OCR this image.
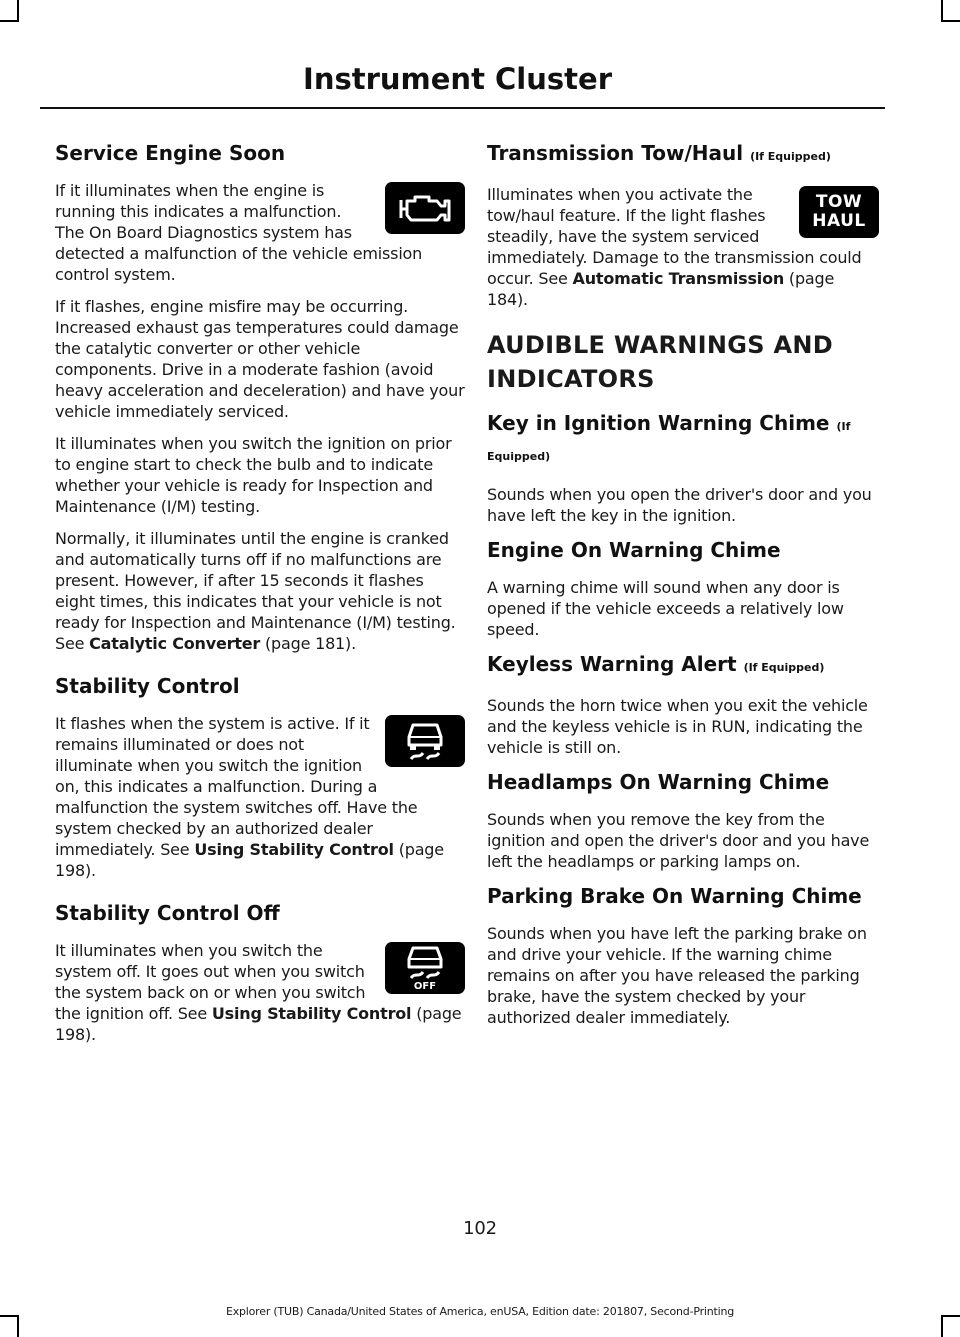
Instrument Cluster
Service Engine Soon

If it illuminates when the engine is running this indicates a malfunction. The On Board Diagnostics system has detected a malfunction of the vehicle emission control system.

If it flashes, engine misfire may be occurring. Increased exhaust gas temperatures could damage the catalytic converter or other vehicle components. Drive in a moderate fashion (avoid heavy acceleration and deceleration) and have your vehicle immediately serviced.

It illuminates when you switch the ignition on prior to engine start to check the bulb and to indicate whether your vehicle is ready for Inspection and Maintenance (I/M) testing.

Normally, it illuminates until the engine is cranked and automatically turns off if no malfunctions are present. However, if after 15 seconds it flashes eight times, this indicates that your vehicle is not ready for Inspection and Maintenance (I/M) testing. See Catalytic Converter (page 181).

Stability Control

It flashes when the system is active. If it remains illuminated or does not illuminate when you switch the ignition on, this indicates a malfunction. During a malfunction the system switches off. Have the system checked by an authorized dealer immediately. See Using Stability Control (page 198).

Stability Control Off
OFF

It illuminates when you switch the system off. It goes out when you switch the system back on or when you switch the ignition off. See Using Stability Control (page 198).

Transmission Tow/Haul (If Equipped)
TOW
HAUL

Illuminates when you activate the tow/haul feature. If the light flashes steadily, have the system serviced immediately. Damage to the transmission could occur. See Automatic Transmission (page 184).

AUDIBLE WARNINGS AND
INDICATORS
Key in Ignition Warning Chime (If Equipped)

Sounds when you open the driver's door and you have left the key in the ignition.

Engine On Warning Chime

A warning chime will sound when any door is opened if the vehicle exceeds a relatively low speed.

Keyless Warning Alert (If Equipped)

Sounds the horn twice when you exit the vehicle and the keyless vehicle is in RUN, indicating the vehicle is still on.

Headlamps On Warning Chime

Sounds when you remove the key from the ignition and open the driver's door and you have left the headlamps or parking lamps on.

Parking Brake On Warning Chime

Sounds when you have left the parking brake on and drive your vehicle. If the warning chime remains on after you have released the parking brake, have the system checked by your authorized dealer immediately.

102

Explorer (TUB) Canada/United States of America, enUSA, Edition date: 201807, Second-Printing
